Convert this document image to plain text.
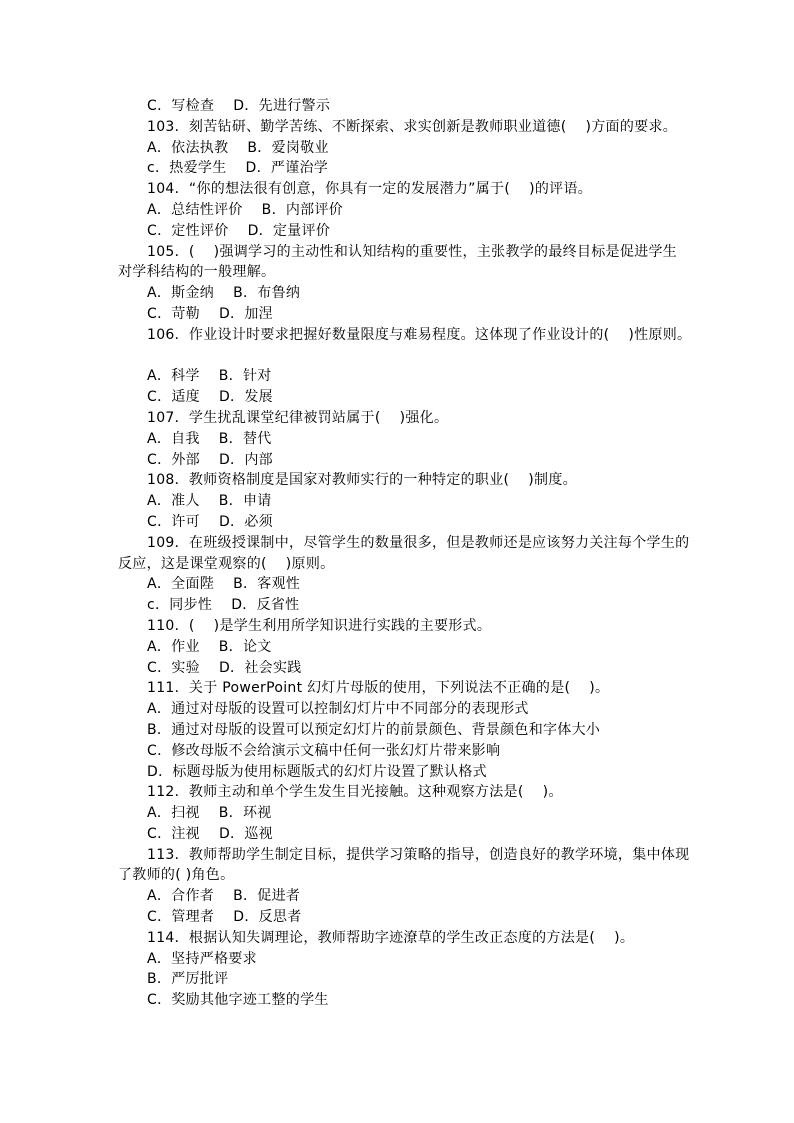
C．写检查    D．先进行警示
103．刻苦钻研、勤学苦练、不断探索、求实创新是教师职业道德(    )方面的要求。
A．依法执教    B．爱岗敬业
c．热爱学生    D．严谨治学
104．“你的想法很有创意，你具有一定的发展潜力”属于(    )的评语。
A．总结性评价    B．内部评价
C．定性评价    D．定量评价
105．(    )强调学习的主动性和认知结构的重要性，主张教学的最终目标是促进学生
对学科结构的一般理解。
A．斯金纳    B．布鲁纳
C．苛勒    D．加涅
106．作业设计时要求把握好数量限度与难易程度。这体现了作业设计的(    )性原则。
A．科学    B．针对
C．适度    D．发展
107．学生扰乱课堂纪律被罚站属于(    )强化。
A．自我    B．替代
C．外部    D．内部
108．教师资格制度是国家对教师实行的一种特定的职业(    )制度。
A．准人    B．申请
C．许可    D．必须
109．在班级授课制中，尽管学生的数量很多，但是教师还是应该努力关注每个学生的
反应，这是课堂观察的(    )原则。
A．全面陛    B．客观性
c．同步性    D．反省性
110．(    )是学生利用所学知识进行实践的主要形式。
A．作业    B．论文
C．实验    D．社会实践
111．关于 PowerPoint 幻灯片母版的使用，下列说法不正确的是(    )。
A．通过对母版的设置可以控制幻灯片中不同部分的表现形式
B．通过对母版的设置可以预定幻灯片的前景颜色、背景颜色和字体大小
C．修改母版不会给演示文稿中任何一张幻灯片带来影响
D．标题母版为使用标题版式的幻灯片设置了默认格式
112．教师主动和单个学生发生目光接触。这种观察方法是(    )。
A．扫视    B．环视
C．注视    D．巡视
113．教师帮助学生制定目标，提供学习策略的指导，创造良好的教学环境，集中体现
了教师的( )角色。
A．合作者    B．促进者
C．管理者    D．反思者
114．根据认知失调理论，教师帮助字迹潦草的学生改正态度的方法是(    )。
A．坚持严格要求
B．严厉批评
C．奖励其他字迹工整的学生
